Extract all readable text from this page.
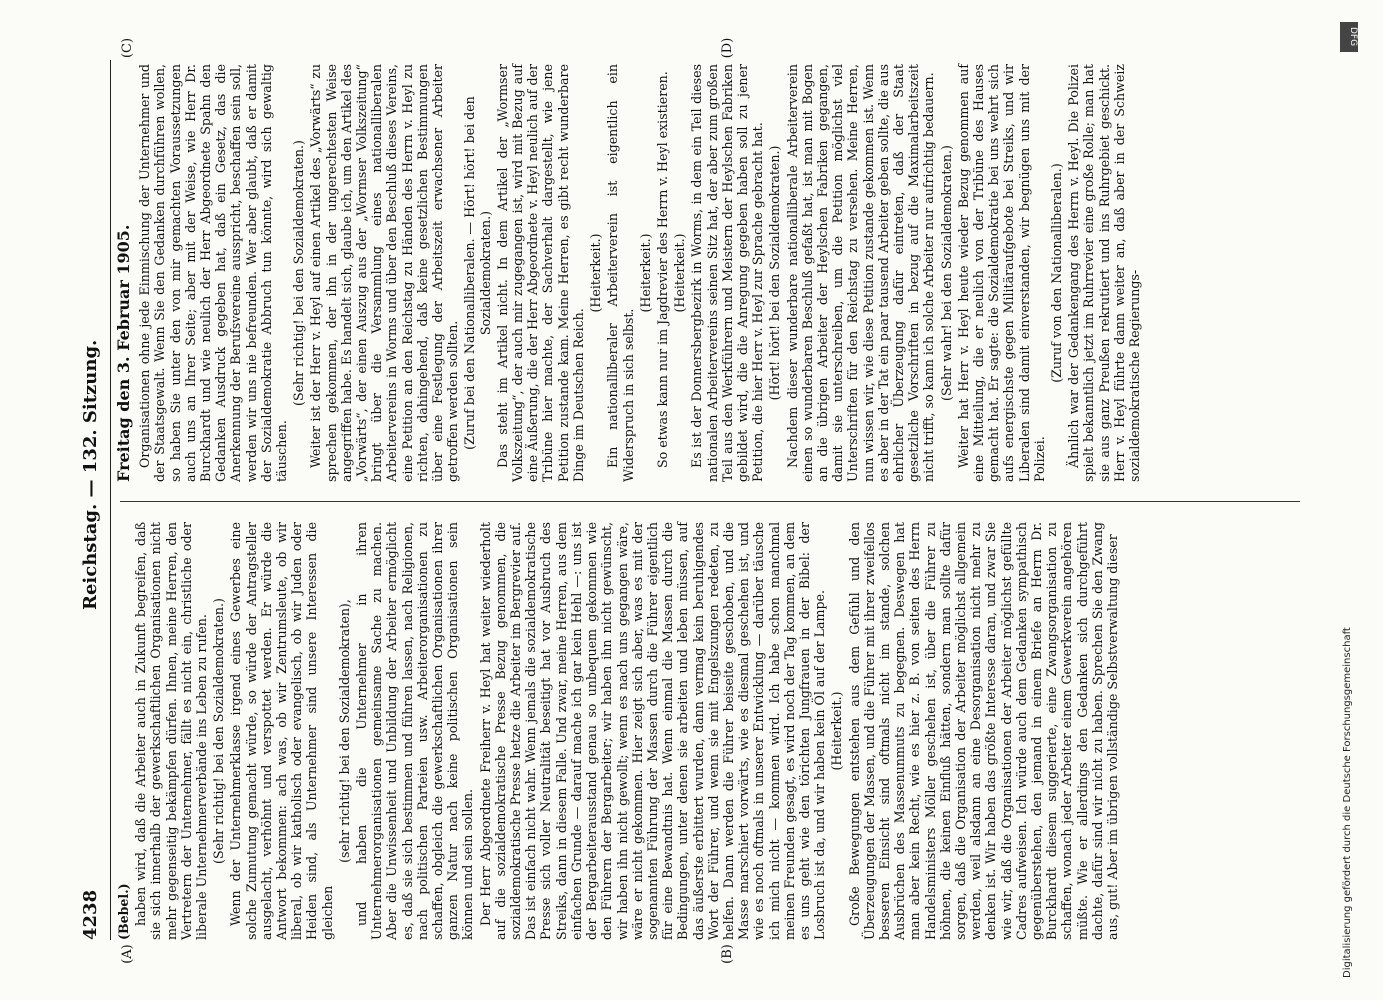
4238
Reichstag. — 132. Sitzung.
(A)	(B)
(C)	(D)

(Bebel.) haben wird, daß die Arbeiter auch in Zukunft begreifen, daß sie sich innerhalb der gewerkschaftlichen Organisationen nicht mehr gegenseitig bekämpfen dürfen. Ihnen, meine Herren, den Vertretern der Unternehmer, fällt es nicht ein, christliche oder liberale Unternehmerverbände ins Leben zu rufen. (Sehr richtig! bei den Sozialdemokraten.) Wenn der Unternehmerklasse irgend eines Gewerbes eine solche Zumutung gemacht würde, so würde der Antragsteller ausgelacht, verhöhnt und verspottet werden. Er würde die Antwort bekommen: ach was, ob wir Zentrumsleute, ob wir liberal, ob wir katholisch oder evangelisch, ob wir Juden oder Heiden sind, als Unternehmer sind unsere Interessen die gleichen

(sehr richtig! bei den Sozialdemokraten), und haben die Unternehmer in ihren Unternehmerorganisationen gemeinsame Sache zu machen. Aber die Unwissenheit und Unbildung der Arbeiter ermöglicht es, daß sie sich bestimmen und führen lassen, nach Religionen, nach politischen Parteien usw. Arbeiterorganisationen zu schaffen, obgleich die gewerkschaftlichen Organisationen ihrer ganzen Natur nach keine politischen Organisationen sein können und sein sollen. Der Herr Abgeordnete Freiherr v. Heyl hat weiter wiederholt auf die sozialdemokratische Presse Bezug genommen, die sozialdemokratische Presse hetze die Arbeiter im Bergrevier auf. Das ist einfach nicht wahr. Wenn jemals die sozialdemokratische Presse sich voller Neutralität beseitigt hat vor Ausbruch des Streiks, dann in diesem Falle. Und zwar, meine Herren, aus dem einfachen Grunde — darauf mache ich gar kein Hehl —: uns ist der Bergarbeiterausstand genau so unbequem gekommen wie den Führern der Bergarbeiter; wir haben ihn nicht gewünscht, wir haben ihn nicht gewollt; wenn es nach uns gegangen wäre, wäre er nicht gekommen. Hier zeigt sich aber, was es mit der sogenannten Führung der Massen durch die Führer eigentlich für eine Bewandtnis hat. Wenn einmal die Massen durch die Bedingungen, unter denen sie arbeiten und leben müssen, auf das äußerste erbittert wurden, dann vermag kein beruhigendes Wort der Führer, und wenn sie mit Engelszungen redeten, zu helfen. Dann werden die Führer beiseite geschoben, und die Masse marschiert vorwärts, wie es diesmal geschehen ist, und wie es noch oftmals in unserer Entwicklung — darüber täusche ich mich nicht — kommen wird. Ich habe schon manchmal meinen Freunden gesagt, es wird noch der Tag kommen, an dem es uns geht wie den törichten Jungfrauen in der Bibel: der Losbruch ist da, und wir haben kein Öl auf der Lampe. (Heiterkeit.) Große Bewegungen entstehen aus dem Gefühl und den Überzeugungen der Massen, und die Führer mit ihrer zweifellos besseren Einsicht sind oftmals nicht im stande, solchen Ausbrüchen des Massenunmuts zu begegnen. Deswegen hat man aber kein Recht, wie es hier z. B. von seiten des Herrn Handelsministers Möller geschehen ist, über die Führer zu höhnen, die keinen Einfluß hätten, sondern man sollte dafür sorgen, daß die Organisation der Arbeiter möglichst allgemein werden, weil alsdann an eine Desorganisation nicht mehr zu denken ist. Wir haben das größte Interesse daran, und zwar Sie wie wir, daß die Organisationen der Arbeiter möglichst gefüllte Cadres aufweisen. Ich würde auch dem Gedanken sympathisch gegenüberstehen, den jemand in einem Briefe an Herrn Dr. Burckhardt diesem suggerierte, eine Zwangsorganisation zu schaffen, wonach jeder Arbeiter einem Gewerkverein angehören müßte. Wie er allerdings den Gedanken sich durchgeführt dachte, dafür sind wir nicht zu haben. Sprechen Sie den Zwang aus, gut! Aber im übrigen vollständige Selbstverwaltung dieser

Freitag den 3. Februar 1905. Organisationen ohne jede Einmischung der Unternehmer und der Staatsgewalt. Wenn Sie den Gedanken durchführen wollen, so haben Sie unter den von mir gemachten Voraussetzungen auch uns an Ihrer Seite; aber mit der Weise, wie Herr Dr. Burckhardt und wie neulich der Herr Abgeordnete Spahn den Gedanken Ausdruck gegeben hat, daß ein Gesetz, das die Anerkennung der Berufsvereine ausspricht, beschaffen sein soll, werden wir uns nie befreunden. Wer aber glaubt, daß er damit der Sozialdemokratie Abbruch tun könnte, wird sich gewaltig täuschen.

(Sehr richtig! bei den Sozialdemokraten.) Weiter ist der Herr v. Heyl auf einen Artikel des „Vorwärts“ zu sprechen gekommen, der ihn in der ungerechtesten Weise angegriffen habe. Es handelt sich, glaube ich, um den Artikel des „Vorwärts“, der einen Auszug aus der „Wormser Volkszeitung“ bringt über die Versammlung eines nationalliberalen Arbeitervereins in Worms und über den Beschluß dieses Vereins, eine Petition an den Reichstag zu Händen des Herrn v. Heyl zu richten, dahingehend, daß keine gesetzlichen Bestimmungen über eine Festlegung der Arbeitszeit erwachsener Arbeiter getroffen werden sollten. (Zuruf bei den Nationalliberalen. — Hört! hört! bei den Sozialdemokraten.) Das steht im Artikel nicht. In dem Artikel der „Wormser Volkszeitung“, der auch mir zugegangen ist, wird mit Bezug auf eine Äußerung, die der Herr Abgeordnete v. Heyl neulich auf der Tribüne hier machte, der Sachverhalt dargestellt, wie jene Petition zustande kam. Meine Herren, es gibt recht wunderbare Dinge im Deutschen Reich.

(Heiterkeit.) Ein nationalliberaler Arbeiterverein ist eigentlich ein Widerspruch in sich selbst.

(Heiterkeit.) So etwas kann nur im Jagdrevier des Herrn v. Heyl existieren. (Heiterkeit.) Es ist der Donnersbergbezirk in Worms, in dem ein Teil dieses nationalen Arbeitervereins seinen Sitz hat, der aber zum großen Teil aus den Werkführern und Meistern der Heylschen Fabriken gebildet wird, die die Anregung gegeben haben soll zu jener Petition, die hier Herr v. Heyl zur Sprache gebracht hat. (Hört! hört! bei den Sozialdemokraten.) Nachdem dieser wunderbare nationalliberale Arbeiterverein einen so wunderbaren Beschluß gefaßt hat, ist man mit Bogen an die übrigen Arbeiter der Heylschen Fabriken gegangen, damit sie unterschreiben, um die Petition möglichst viel Unterschriften für den Reichstag zu versehen. Meine Herren, nun wissen wir, wie diese Petition zustande gekommen ist. Wenn es aber in der Tat ein paar tausend Arbeiter geben sollte, die aus ehrlicher Überzeugung dafür eintreten, daß der Staat gesetzliche Vorschriften in bezug auf die Maximalarbeitszeit nicht trifft, so kann ich solche Arbeiter nur aufrichtig bedauern. (Sehr wahr! bei den Sozialdemokraten.) Weiter hat Herr v. Heyl heute wieder Bezug genommen auf eine Mitteilung, die er neulich von der Tribüne des Hauses gemacht hat. Er sagte: die Sozialdemokratie bei uns wehrt sich aufs energischste gegen Militäraufgebote bei Streiks, und wir Liberalen sind damit einverstanden, wir begnügen uns mit der Polizei.

(Zuruf von den Nationalliberalen.) Ähnlich war der Gedankengang des Herrn v. Heyl. Die Polizei spielt bekanntlich jetzt im Ruhrrevier eine große Rolle; man hat sie aus ganz Preußen rekrutiert und ins Ruhrgebiet geschickt. Herr v. Heyl führte dann weiter an, daß aber in der Schweiz sozialdemokratische Regierungs-

DFG
Digitalisierung gefördert durch die Deutsche Forschungsgemeinschaft
